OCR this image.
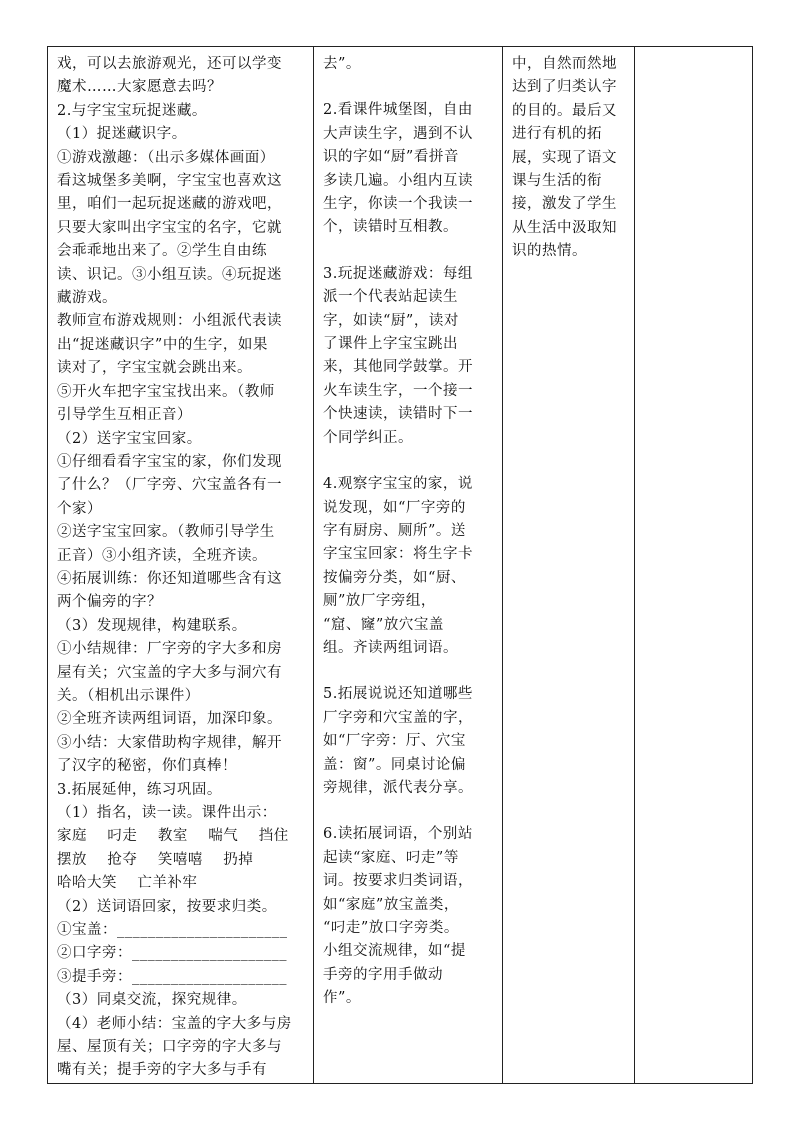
戏，可以去旅游观光，还可以学变
魔术……大家愿意去吗？
2.与字宝宝玩捉迷藏。
（1）捉迷藏识字。
①游戏激趣：（出示多媒体画面）
看这城堡多美啊，字宝宝也喜欢这
里，咱们一起玩捉迷藏的游戏吧，
只要大家叫出字宝宝的名字，它就
会乖乖地出来了。②学生自由练
读、识记。③小组互读。④玩捉迷
藏游戏。
教师宣布游戏规则：小组派代表读
出“捉迷藏识字”中的生字，如果
读对了，字宝宝就会跳出来。
⑤开火车把字宝宝找出来。（教师
引导学生互相正音）
（2）送字宝宝回家。
①仔细看看字宝宝的家，你们发现
了什么？（厂字旁、穴宝盖各有一
个家）
②送字宝宝回家。（教师引导学生
正音）③小组齐读，全班齐读。
④拓展训练：你还知道哪些含有这
两个偏旁的字？
（3）发现规律，构建联系。
①小结规律：厂字旁的字大多和房
屋有关；穴宝盖的字大多与洞穴有
关。（相机出示课件）
②全班齐读两组词语，加深印象。
③小结：大家借助构字规律，解开
了汉字的秘密，你们真棒！
3.拓展延伸，练习巩固。
（1）指名，读一读。课件出示：
家庭    叼走    教室    喘气    挡住
摆放    抢夺    笑嘻嘻    扔掉
哈哈大笑    亡羊补牢
（2）送词语回家，按要求归类。
①宝盖：______________________
②口字旁：____________________
③提手旁：____________________
（3）同桌交流，探究规律。
（4）老师小结：宝盖的字大多与房
屋、屋顶有关；口字旁的字大多与
嘴有关；提手旁的字大多与手有

去”。
2.看课件城堡图，自由
大声读生字，遇到不认
识的字如“厨”看拼音
多读几遍。小组内互读
生字，你读一个我读一
个，读错时互相教。
3.玩捉迷藏游戏：每组
派一个代表站起读生
字，如读“厨”，读对
了课件上字宝宝跳出
来，其他同学鼓掌。开
火车读生字，一个接一
个快速读，读错时下一
个同学纠正。
4.观察字宝宝的家，说
说发现，如“厂字旁的
字有厨房、厕所”。送
字宝宝回家：将生字卡
按偏旁分类，如“厨、
厕”放厂字旁组，
“窟、窿”放穴宝盖
组。齐读两组词语。
5.拓展说说还知道哪些
厂字旁和穴宝盖的字，
如“厂字旁：厅、穴宝
盖：窗”。同桌讨论偏
旁规律，派代表分享。
6.读拓展词语，个别站
起读“家庭、叼走”等
词。按要求归类词语，
如“家庭”放宝盖类，
“叼走”放口字旁类。
小组交流规律，如“提
手旁的字用手做动
作”。

中，自然而然地
达到了归类认字
的目的。最后又
进行有机的拓
展，实现了语文
课与生活的衔
接，激发了学生
从生活中汲取知
识的热情。
